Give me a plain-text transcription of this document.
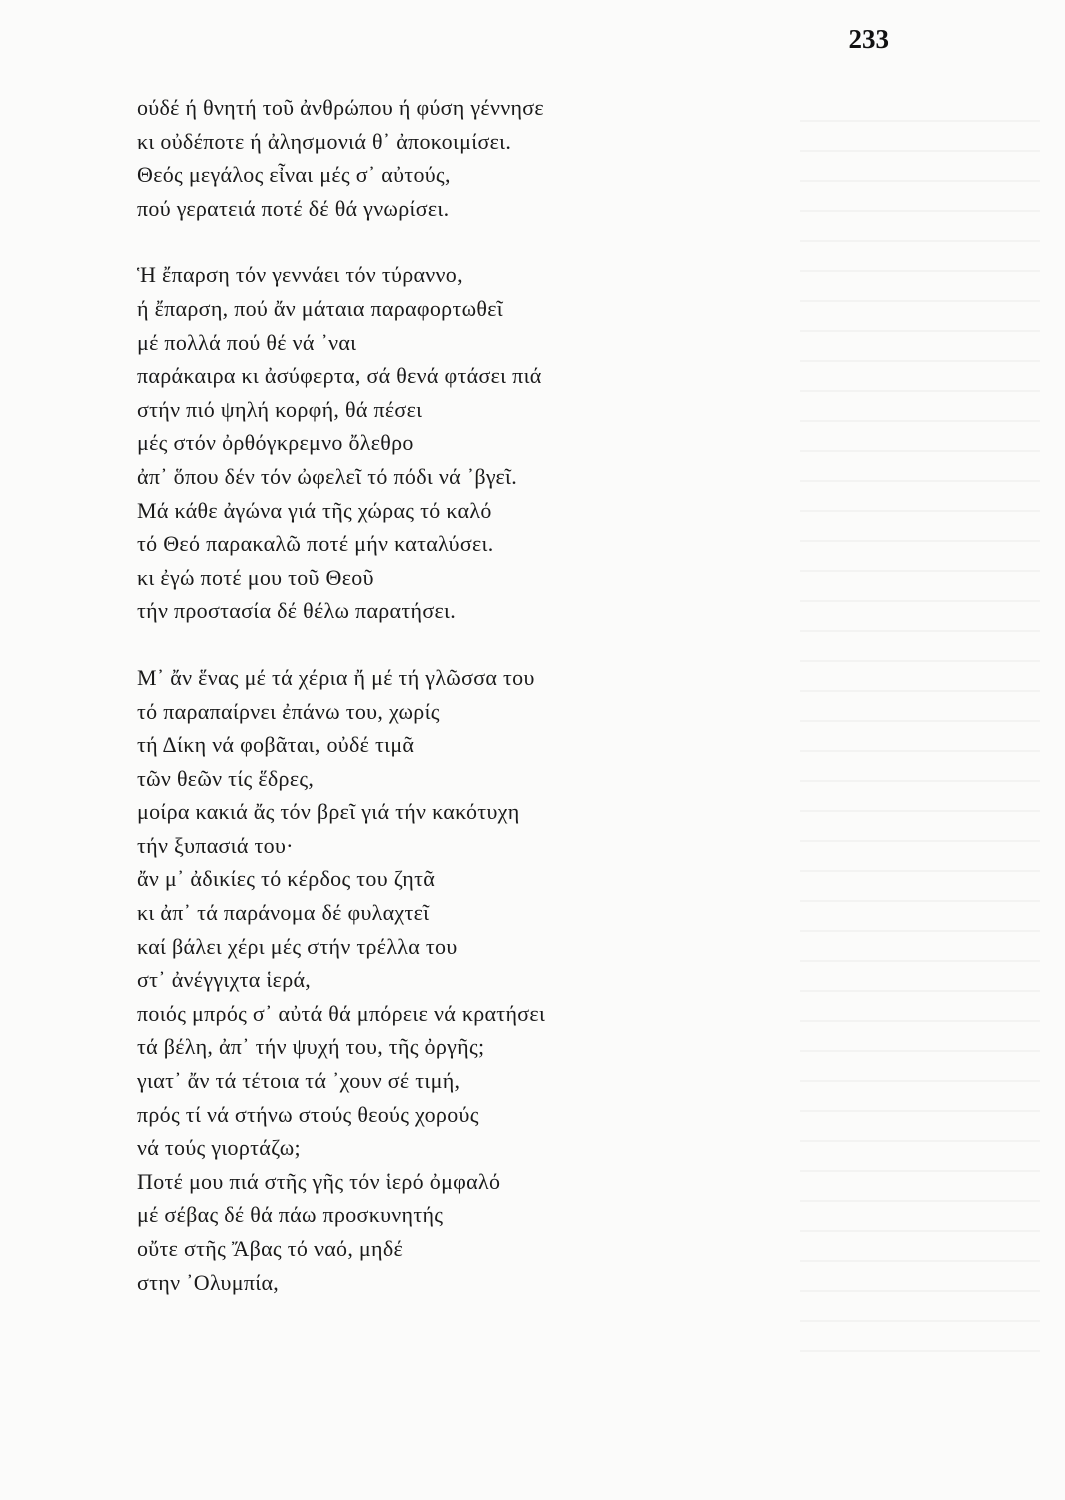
233

ούδέ ή θνητή τοῦ ἀνθρώπου ή φύση γέννησε
κι οὐδέποτε ή ἀλησμονιά θ᾿ ἀποκοιμίσει.
Θεός μεγάλος εἶναι μές σ᾿ αὐτούς,
πού γερατειά ποτέ δέ θά γνωρίσει.

Ἡ ἔπαρση τόν γεννάει τόν τύραννο,
ή ἔπαρση, πού ἄν μάταια παραφορτωθεῖ
μέ πολλά πού θέ νά ᾿ναι
παράκαιρα κι ἀσύφερτα, σά θενά φτάσει πιά
στήν πιό ψηλή κορφή, θά πέσει
μές στόν ὀρθόγκρεμνο ὄλεθρο
ἀπ᾿ ὅπου δέν τόν ὠφελεῖ τό πόδι νά ᾿βγεῖ.
Μά κάθε ἀγώνα γιά τῆς χώρας τό καλό
τό Θεό παρακαλῶ ποτέ μήν καταλύσει.
κι ἐγώ ποτέ μου τοῦ Θεοῦ
τήν προστασία δέ θέλω παρατήσει.

Μ᾿ ἄν ἕνας μέ τά χέρια ἤ μέ τή γλῶσσα του
τό παραπαίρνει ἐπάνω του, χωρίς
τή Δίκη νά φοβᾶται, οὐδέ τιμᾶ
τῶν θεῶν τίς ἕδρες,
μοίρα κακιά ἄς τόν βρεῖ γιά τήν κακότυχη
τήν ξυπασιά του·
ἄν μ᾿ ἀδικίες τό κέρδος του ζητᾶ
κι ἀπ᾿ τά παράνομα δέ φυλαχτεῖ
καί βάλει χέρι μές στήν τρέλλα του
στ᾿ ἀνέγγιχτα ἱερά,
ποιός μπρός σ᾿ αὐτά θά μπόρειε νά κρατήσει
τά βέλη, ἀπ᾿ τήν ψυχή του, τῆς ὀργῆς;
γιατ᾿ ἄν τά τέτοια τά ᾿χουν σέ τιμή,
πρός τί νά στήνω στούς θεούς χορούς
νά τούς γιορτάζω;
Ποτέ μου πιά στῆς γῆς τόν ἱερό ὀμφαλό
μέ σέβας δέ θά πάω προσκυνητής
οὔτε στῆς Ἄβας τό ναό, μηδέ
στην ᾿Ολυμπία,
